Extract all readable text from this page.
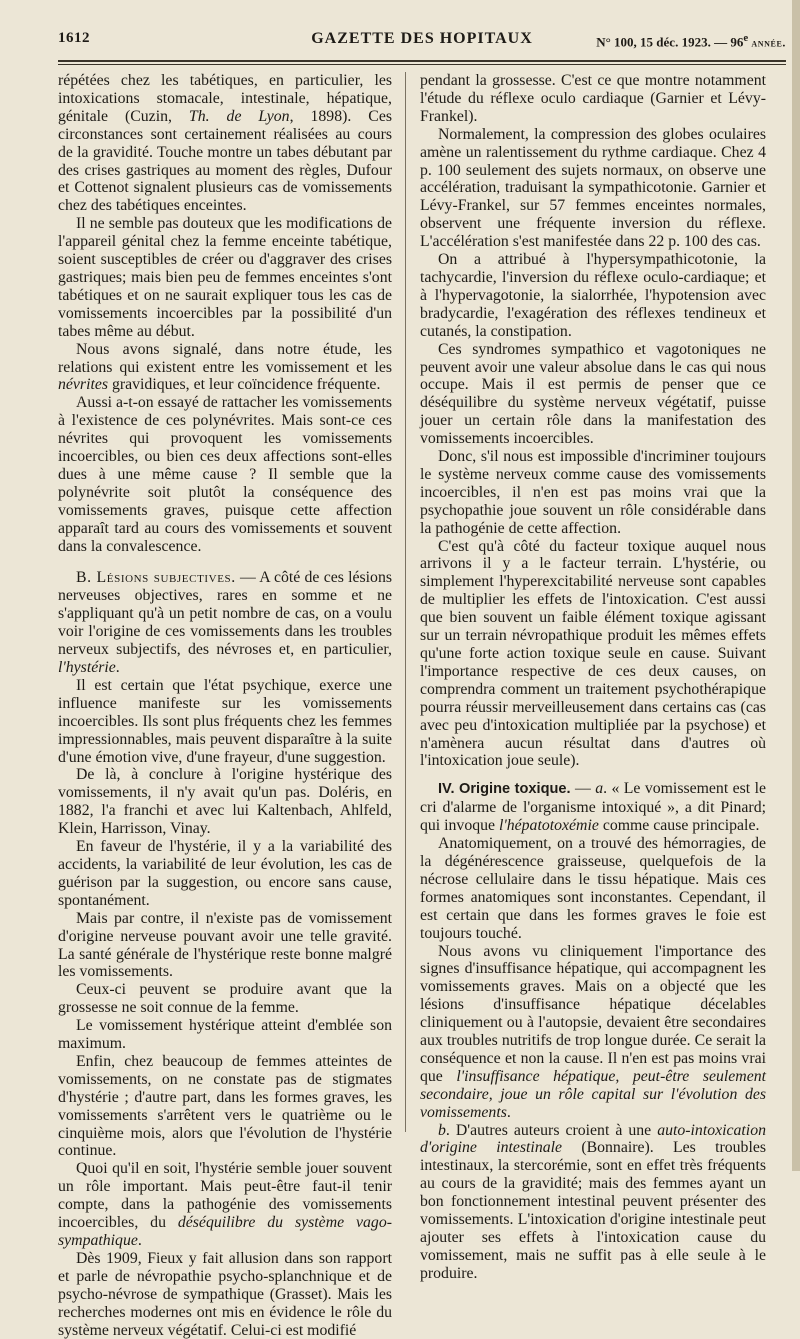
1612	GAZETTE DES HOPITAUX	N° 100, 15 déc. 1923. — 96e année.

répétées chez les tabétiques, en particulier, les intoxications stomacale, intestinale, hépatique, génitale (Cuzin, Th. de Lyon, 1898). Ces circonstances sont certainement réalisées au cours de la gravidité. Touche montre un tabes débutant par des crises gastriques au moment des règles, Dufour et Cottenot signalent plusieurs cas de vomissements chez des tabétiques enceintes.

Il ne semble pas douteux que les modifications de l'appareil génital chez la femme enceinte tabétique, soient susceptibles de créer ou d'aggraver des crises gastriques; mais bien peu de femmes enceintes s'ont tabétiques et on ne saurait expliquer tous les cas de vomissements incoercibles par la possibilité d'un tabes même au début.

Nous avons signalé, dans notre étude, les relations qui existent entre les vomissement et les névrites gravidiques, et leur coïncidence fréquente.

Aussi a-t-on essayé de rattacher les vomissements à l'existence de ces polynévrites. Mais sont-ce ces névrites qui provoquent les vomissements incoercibles, ou bien ces deux affections sont-elles dues à une même cause ? Il semble que la polynévrite soit plutôt la conséquence des vomissements graves, puisque cette affection apparaît tard au cours des vomissements et souvent dans la convalescence.

B. Lésions subjectives. — A côté de ces lésions nerveuses objectives, rares en somme et ne s'appliquant qu'à un petit nombre de cas, on a voulu voir l'origine de ces vomissements dans les troubles nerveux subjectifs, des névroses et, en particulier, l'hystérie.

Il est certain que l'état psychique, exerce une influence manifeste sur les vomissements incoercibles. Ils sont plus fréquents chez les femmes impressionnables, mais peuvent disparaître à la suite d'une émotion vive, d'une frayeur, d'une suggestion.

De là, à conclure à l'origine hystérique des vomissements, il n'y avait qu'un pas. Doléris, en 1882, l'a franchi et avec lui Kaltenbach, Ahlfeld, Klein, Harrisson, Vinay.

En faveur de l'hystérie, il y a la variabilité des accidents, la variabilité de leur évolution, les cas de guérison par la suggestion, ou encore sans cause, spontanément.

Mais par contre, il n'existe pas de vomissement d'origine nerveuse pouvant avoir une telle gravité. La santé générale de l'hystérique reste bonne malgré les vomissements.

Ceux-ci peuvent se produire avant que la grossesse ne soit connue de la femme.

Le vomissement hystérique atteint d'emblée son maximum.

Enfin, chez beaucoup de femmes atteintes de vomissements, on ne constate pas de stigmates d'hystérie ; d'autre part, dans les formes graves, les vomissements s'arrêtent vers le quatrième ou le cinquième mois, alors que l'évolution de l'hystérie continue.

Quoi qu'il en soit, l'hystérie semble jouer souvent un rôle important. Mais peut-être faut-il tenir compte, dans la pathogénie des vomissements incoercibles, du déséquilibre du système vago-sympathique.

Dès 1909, Fieux y fait allusion dans son rapport et parle de névropathie psycho-splanchnique et de psycho-névrose de sympathique (Grasset). Mais les recherches modernes ont mis en évidence le rôle du système nerveux végétatif. Celui-ci est modifié

pendant la grossesse. C'est ce que montre notamment l'étude du réflexe oculo cardiaque (Garnier et Lévy-Frankel).

Normalement, la compression des globes oculaires amène un ralentissement du rythme cardiaque. Chez 4 p. 100 seulement des sujets normaux, on observe une accélération, traduisant la sympathicotonie. Garnier et Lévy-Frankel, sur 57 femmes enceintes normales, observent une fréquente inversion du réflexe. L'accélération s'est manifestée dans 22 p. 100 des cas.

On a attribué à l'hypersympathicotonie, la tachycardie, l'inversion du réflexe oculo-cardiaque; et à l'hypervagotonie, la sialorrhée, l'hypotension avec bradycardie, l'exagération des réflexes tendineux et cutanés, la constipation.

Ces syndromes sympathico et vagotoniques ne peuvent avoir une valeur absolue dans le cas qui nous occupe. Mais il est permis de penser que ce déséquilibre du système nerveux végétatif, puisse jouer un certain rôle dans la manifestation des vomissements incoercibles.

Donc, s'il nous est impossible d'incriminer toujours le système nerveux comme cause des vomissements incoercibles, il n'en est pas moins vrai que la psychopathie joue souvent un rôle considérable dans la pathogénie de cette affection.

C'est qu'à côté du facteur toxique auquel nous arrivons il y a le facteur terrain. L'hystérie, ou simplement l'hyperexcitabilité nerveuse sont capables de multiplier les effets de l'intoxication. C'est aussi que bien souvent un faible élément toxique agissant sur un terrain névropathique produit les mêmes effets qu'une forte action toxique seule en cause. Suivant l'importance respective de ces deux causes, on comprendra comment un traitement psychothérapique pourra réussir merveilleusement dans certains cas (cas avec peu d'intoxication multipliée par la psychose) et n'amènera aucun résultat dans d'autres où l'intoxication joue seule).

IV. Origine toxique. — a. « Le vomissement est le cri d'alarme de l'organisme intoxiqué », a dit Pinard; qui invoque l'hépatotoxémie comme cause principale.

Anatomiquement, on a trouvé des hémorragies, de la dégénérescence graisseuse, quelquefois de la nécrose cellulaire dans le tissu hépatique. Mais ces formes anatomiques sont inconstantes. Cependant, il est certain que dans les formes graves le foie est toujours touché.

Nous avons vu cliniquement l'importance des signes d'insuffisance hépatique, qui accompagnent les vomissements graves. Mais on a objecté que les lésions d'insuffisance hépatique décelables cliniquement ou à l'autopsie, devaient être secondaires aux troubles nutritifs de trop longue durée. Ce serait la conséquence et non la cause. Il n'en est pas moins vrai que l'insuffisance hépatique, peut-être seulement secondaire, joue un rôle capital sur l'évolution des vomissements.

b. D'autres auteurs croient à une auto-intoxication d'origine intestinale (Bonnaire). Les troubles intestinaux, la stercorémie, sont en effet très fréquents au cours de la gravidité; mais des femmes ayant un bon fonctionnement intestinal peuvent présenter des vomissements. L'intoxication d'origine intestinale peut ajouter ses effets à l'intoxication cause du vomissement, mais ne suffit pas à elle seule à le produire.
